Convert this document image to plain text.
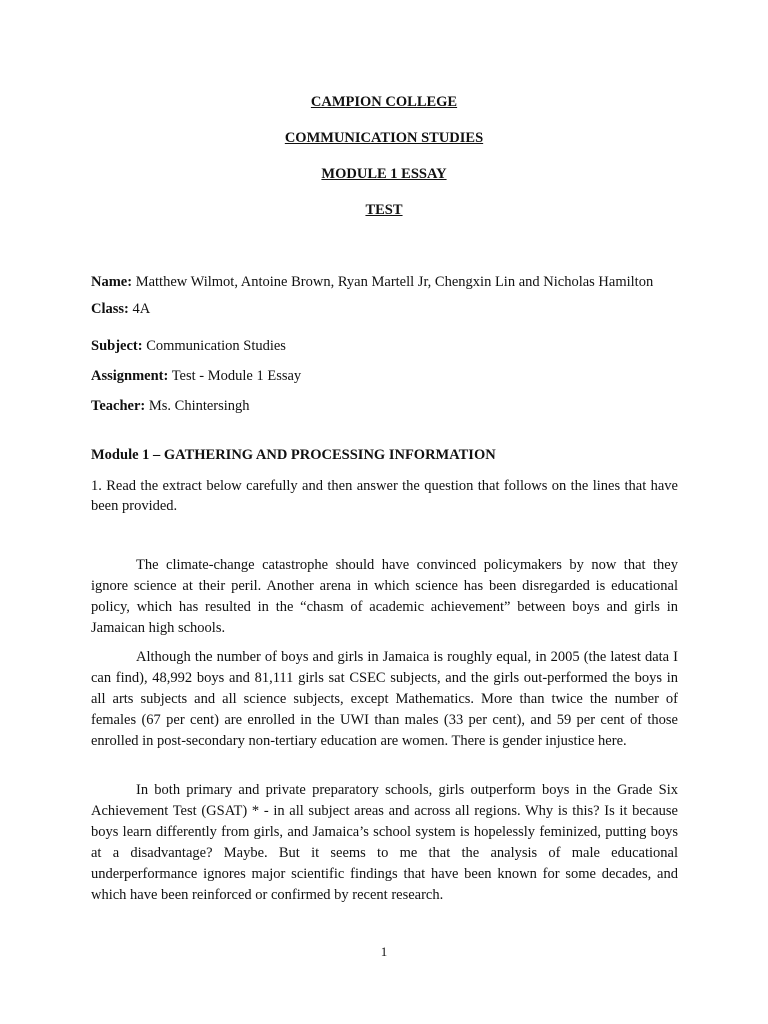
CAMPION COLLEGE
COMMUNICATION STUDIES
MODULE 1 ESSAY
TEST
Name: Matthew Wilmot, Antoine Brown, Ryan Martell Jr, Chengxin Lin and Nicholas Hamilton
Class: 4A
Subject: Communication Studies
Assignment: Test - Module 1 Essay
Teacher: Ms. Chintersingh
Module 1 – GATHERING AND PROCESSING INFORMATION
1. Read the extract below carefully and then answer the question that follows on the lines that have been provided.
The climate-change catastrophe should have convinced policymakers by now that they ignore science at their peril. Another arena in which science has been disregarded is educational policy, which has resulted in the “chasm of academic achievement” between boys and girls in Jamaican high schools.
Although the number of boys and girls in Jamaica is roughly equal, in 2005 (the latest data I can find), 48,992 boys and 81,111 girls sat CSEC subjects, and the girls out-performed the boys in all arts subjects and all science subjects, except Mathematics. More than twice the number of females (67 per cent) are enrolled in the UWI than males (33 per cent), and 59 per cent of those enrolled in post-secondary non-tertiary education are women. There is gender injustice here.
In both primary and private preparatory schools, girls outperform boys in the Grade Six Achievement Test (GSAT) * - in all subject areas and across all regions. Why is this? Is it because boys learn differently from girls, and Jamaica’s school system is hopelessly feminized, putting boys at a disadvantage? Maybe. But it seems to me that the analysis of male educational underperformance ignores major scientific findings that have been known for some decades, and which have been reinforced or confirmed by recent research.
1
